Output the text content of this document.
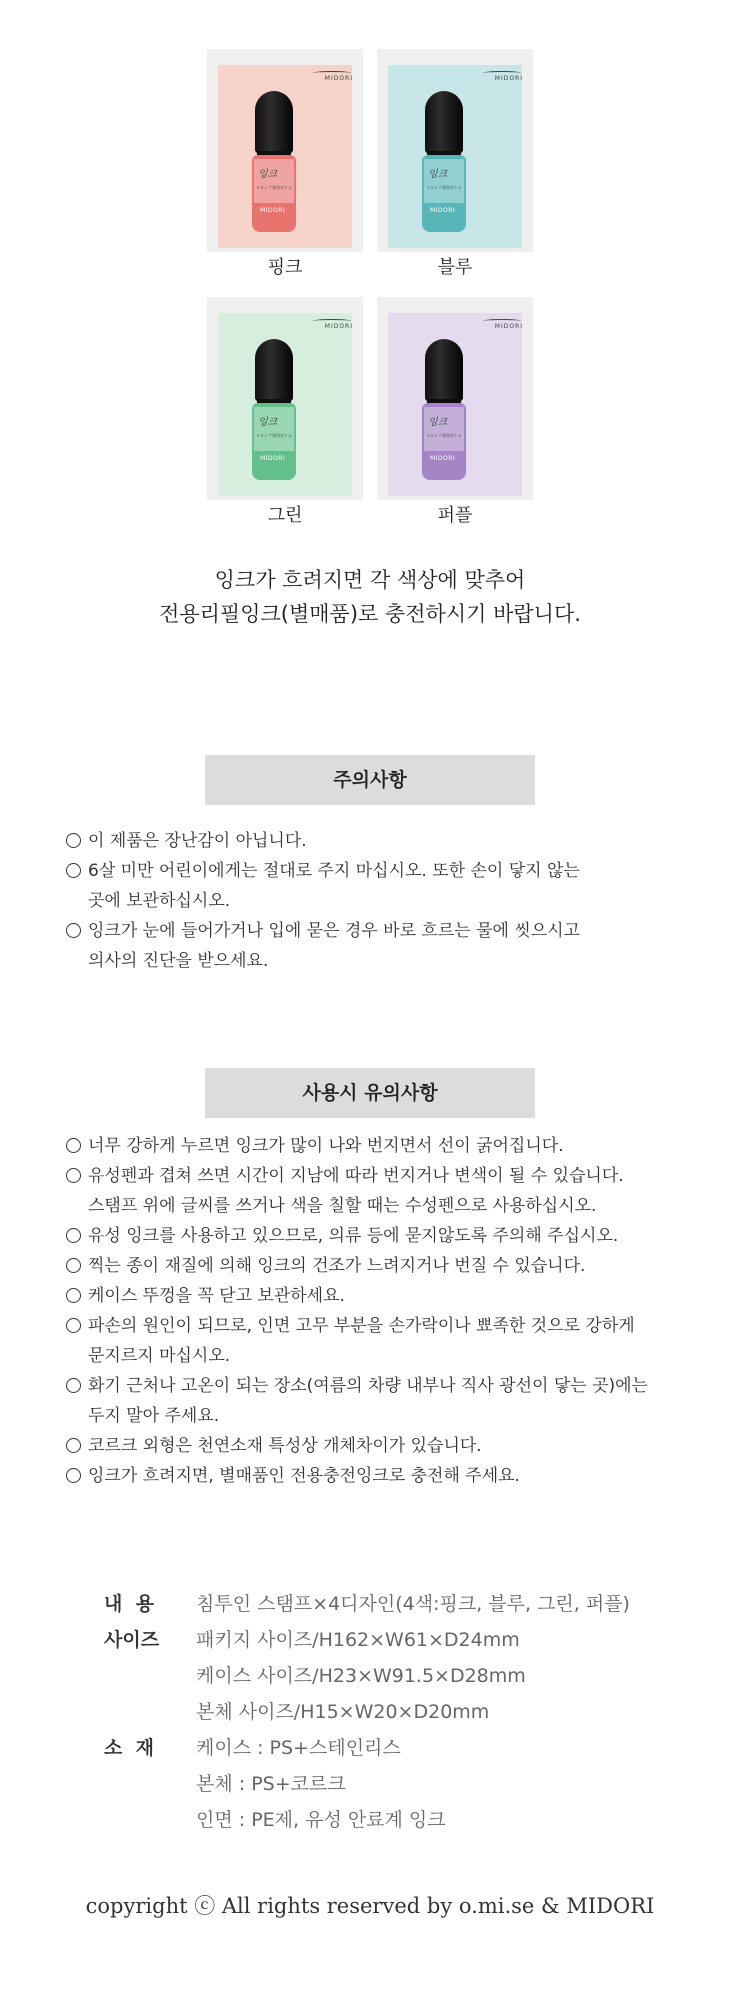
MIDORI
잉크
スタンプ専用ボトル
MIDORI
핑크
MIDORI
잉크
スタンプ専用ボトル
MIDORI
블루
MIDORI
잉크
スタンプ専用ボトル
MIDORI
그린
MIDORI
잉크
スタンプ専用ボトル
MIDORI
퍼플
잉크가 흐려지면 각 색상에 맞추어
전용리필잉크(별매품)로 충전하시기 바랍니다.
주의사항
이 제품은 장난감이 아닙니다.
6살 미만 어린이에게는 절대로 주지 마십시오. 또한 손이 닿지 않는
곳에 보관하십시오.
잉크가 눈에 들어가거나 입에 묻은 경우 바로 흐르는 물에 씻으시고
의사의 진단을 받으세요.
사용시 유의사항
너무 강하게 누르면 잉크가 많이 나와 번지면서 선이 굵어집니다.
유성펜과 겹쳐 쓰면 시간이 지남에 따라 번지거나 변색이 될 수 있습니다.
스탬프 위에 글씨를 쓰거나 색을 칠할 때는 수성펜으로 사용하십시오.
유성 잉크를 사용하고 있으므로, 의류 등에 묻지않도록 주의해 주십시오.
찍는 종이 재질에 의해 잉크의 건조가 느려지거나 번질 수 있습니다.
케이스 뚜껑을 꼭 닫고 보관하세요.
파손의 원인이 되므로, 인면 고무 부분을 손가락이나 뾰족한 것으로 강하게
문지르지 마십시오.
화기 근처나 고온이 되는 장소(여름의 차량 내부나 직사 광선이 닿는 곳)에는
두지 말아 주세요.
코르크 외형은 천연소재 특성상 개체차이가 있습니다.
잉크가 흐려지면, 별매품인 전용충전잉크로 충전해 주세요.
내  용	침투인 스탬프×4디자인(4색:핑크, 블루, 그린, 퍼플)
사이즈	패키지 사이즈/H162×W61×D24mm
케이스 사이즈/H23×W91.5×D28mm
본체 사이즈/H15×W20×D20mm
소  재	케이스 : PS+스테인리스
본체 : PS+코르크
인면 : PE제, 유성 안료계 잉크
copyright ⓒ All rights reserved by o.mi.se & MIDORI
